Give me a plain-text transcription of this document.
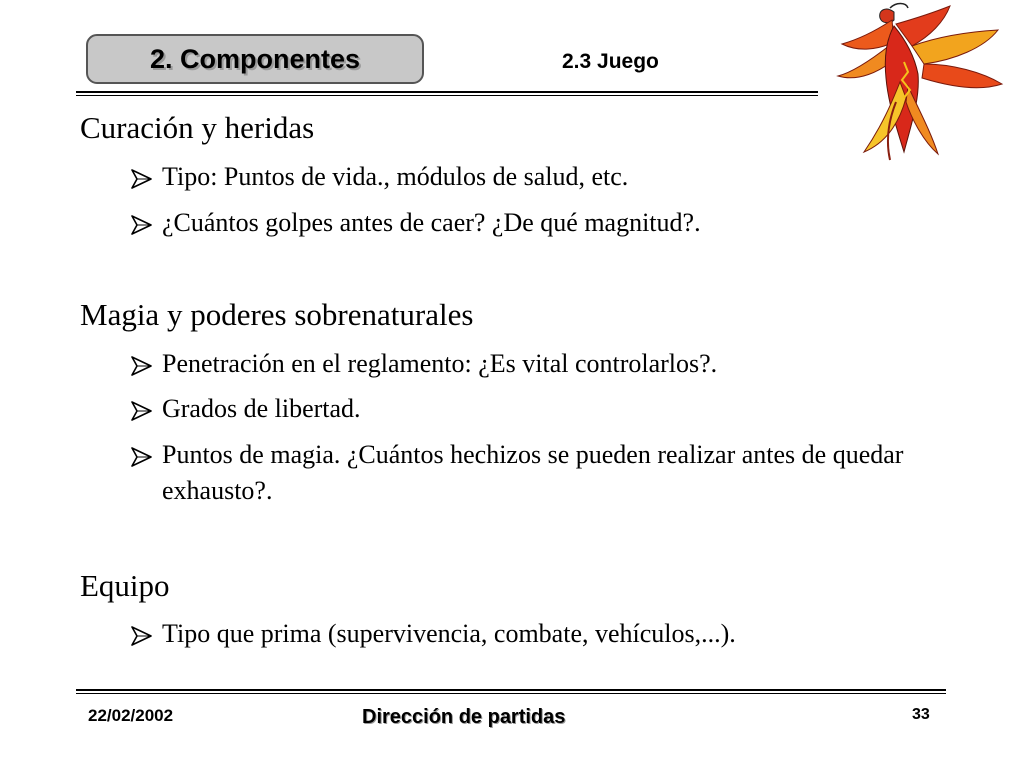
2. Componentes	2.3 Juego
Curación y heridas
Tipo: Puntos de vida., módulos de salud, etc.
¿Cuántos golpes antes de caer? ¿De qué magnitud?.
Magia y poderes sobrenaturales
Penetración en el reglamento: ¿Es vital controlarlos?.
Grados de libertad.
Puntos de magia. ¿Cuántos hechizos se pueden realizar antes de quedar exhausto?.
Equipo
Tipo que prima (supervivencia, combate, vehículos,...).
22/02/2002	Dirección de partidas	33
